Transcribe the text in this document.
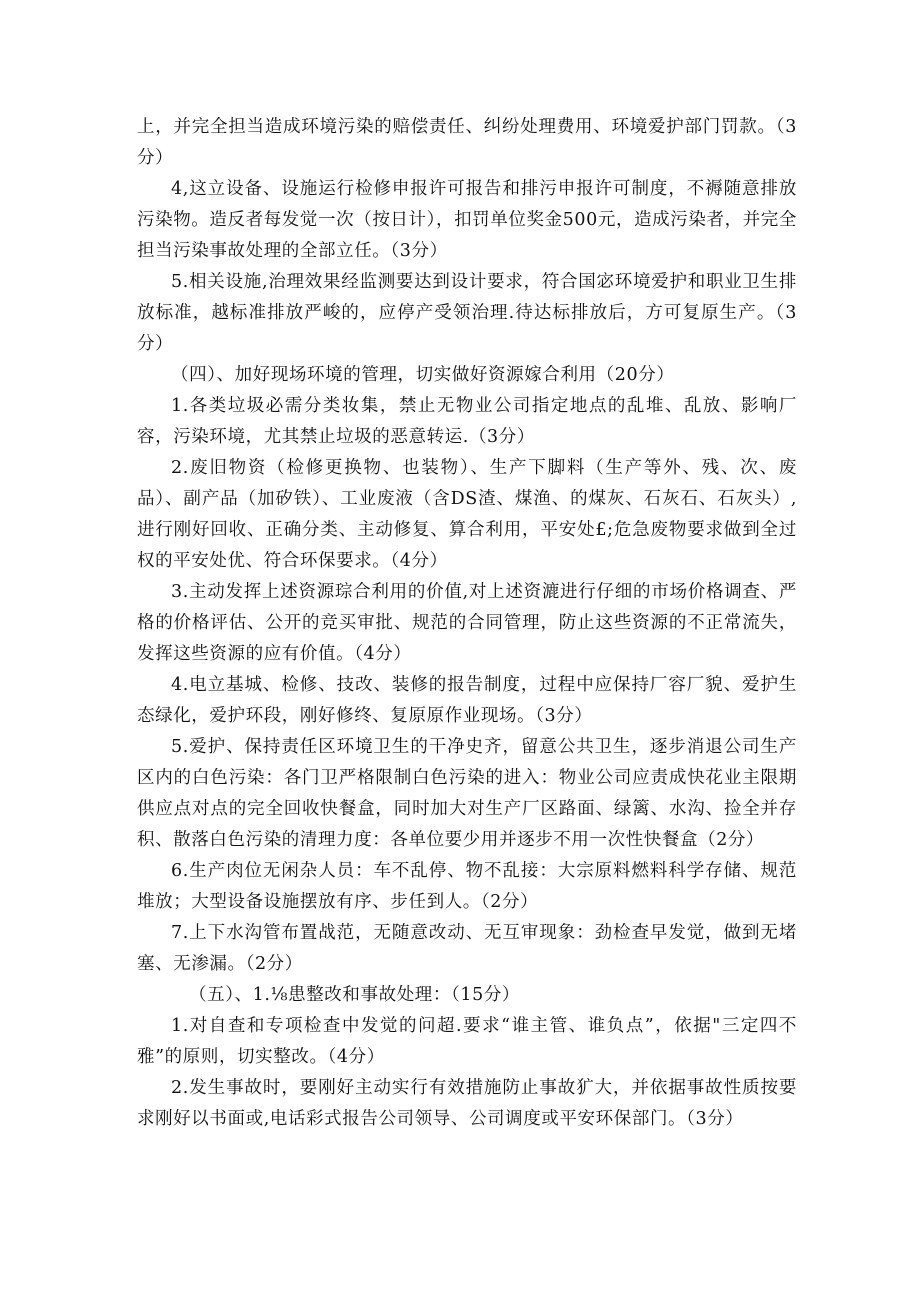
上，并完全担当造成环境污染的赔偿责任、纠纷处理费用、环境爱护部门罚款。（3分）

4,这立设备、设施运行检修申报许可报告和排污申报许可制度，不褥随意排放污染物。造反者每发觉一次（按日计），扣罚单位奖金500元，造成污染者，并完全担当污染事故处理的全部立任。（3分）

5.相关设施,治理效果经监测要达到设计要求，符合国宓环境爱护和职业卫生排放标准，越标准排放严峻的，应停产受领治理.待达标排放后，方可复原生产。（3分）

（四）、加好现场环境的管理，切实做好资源嫁合利用（20分）

1.各类垃圾必需分类妆集，禁止无物业公司指定地点的乱堆、乱放、影响厂容，污染环境，尤其禁止垃圾的恶意转运.（3分）

2.废旧物资（检修更换物、也装物）、生产下脚料（生产等外、残、次、废品）、副产品（加矽铁）、工业废液（含DS渣、煤渔、的煤灰、石灰石、石灰头）,进行刚好回收、正确分类、主动修复、算合利用，平安处£;危急废物要求做到全过权的平安处优、符合环保要求。（4分）

3.主动发挥上述资源琮合利用的价值,对上述资漉进行仔细的市场价格调查、严格的价格评估、公开的竞买审批、规范的合同管理，防止这些资源的不正常流失，发挥这些资源的应有价值。（4分）

4.电立基城、检修、技改、装修的报告制度，过程中应保持厂容厂貌、爱护生态绿化，爱护环段，刚好修终、复原原作业现场。（3分）

5.爱护、保持责任区环境卫生的干净史齐，留意公共卫生，逐步消退公司生产区内的白色污染：各门卫严格限制白色污染的进入：物业公司应责成快花业主限期供应点对点的完全回收快餐盒，同时加大对生产厂区路面、绿篱、水沟、捡全并存积、散落白色污染的清理力度：各单位要少用并逐步不用一次性快餐盒（2分）

6.生产肉位无闲杂人员：车不乱停、物不乱接：大宗原料燃料科学存储、规范堆放；大型设备设施摆放有序、步任到人。（2分）

7.上下水沟管布置战范，无随意改动、无互审现象：劲检查早发觉，做到无堵塞、无渗漏。（2分）

（五）、1.⅛患整改和事故处理：（15分）

1.对自查和专项检查中发觉的问超.要求“谁主管、谁负点”，依据"三定四不雅”的原则，切实整改。（4分）

2.发生事故时，要刚好主动实行有效措施防止事故犷大，并依据事故性质按要求刚好以书面或,电话彩式报告公司领导、公司调度或平安环保部门。（3分）
